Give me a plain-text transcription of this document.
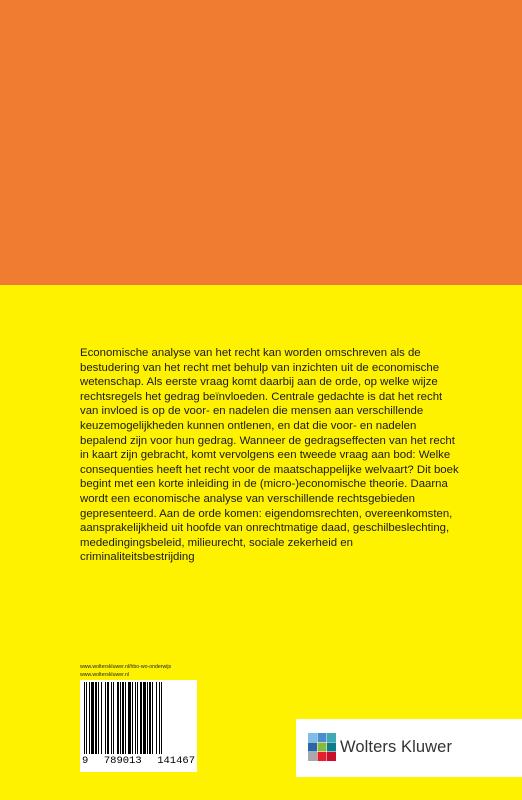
Economische analyse van het recht kan worden omschreven als de bestudering van het recht met behulp van inzichten uit de economische wetenschap. Als eerste vraag komt daarbij aan de orde, op welke wijze rechtsregels het gedrag beïnvloeden. Centrale gedachte is dat het recht van invloed is op de voor- en nadelen die mensen aan verschillende keuzemogelijkheden kunnen ontlenen, en dat die voor- en nadelen bepalend zijn voor hun gedrag. Wanneer de gedragseffecten van het recht in kaart zijn gebracht, komt vervolgens een tweede vraag aan bod: Welke consequenties heeft het recht voor de maatschappelijke welvaart? Dit boek begint met een korte inleiding in de (micro-)economische theorie. Daarna wordt een economische analyse van verschillende rechtsgebieden gepresenteerd. Aan de orde komen: eigendomsrechten, overeenkomsten, aansprakelijkheid uit hoofde van onrechtmatige daad, geschilbeslechting, mededingingsbeleid, milieurecht, sociale zekerheid en criminaliteitsbestrijding

www.wolterskluwer.nl/hbo-wo-onderwijs
www.wolterskluwer.nl
9 789013 141467
Wolters Kluwer
